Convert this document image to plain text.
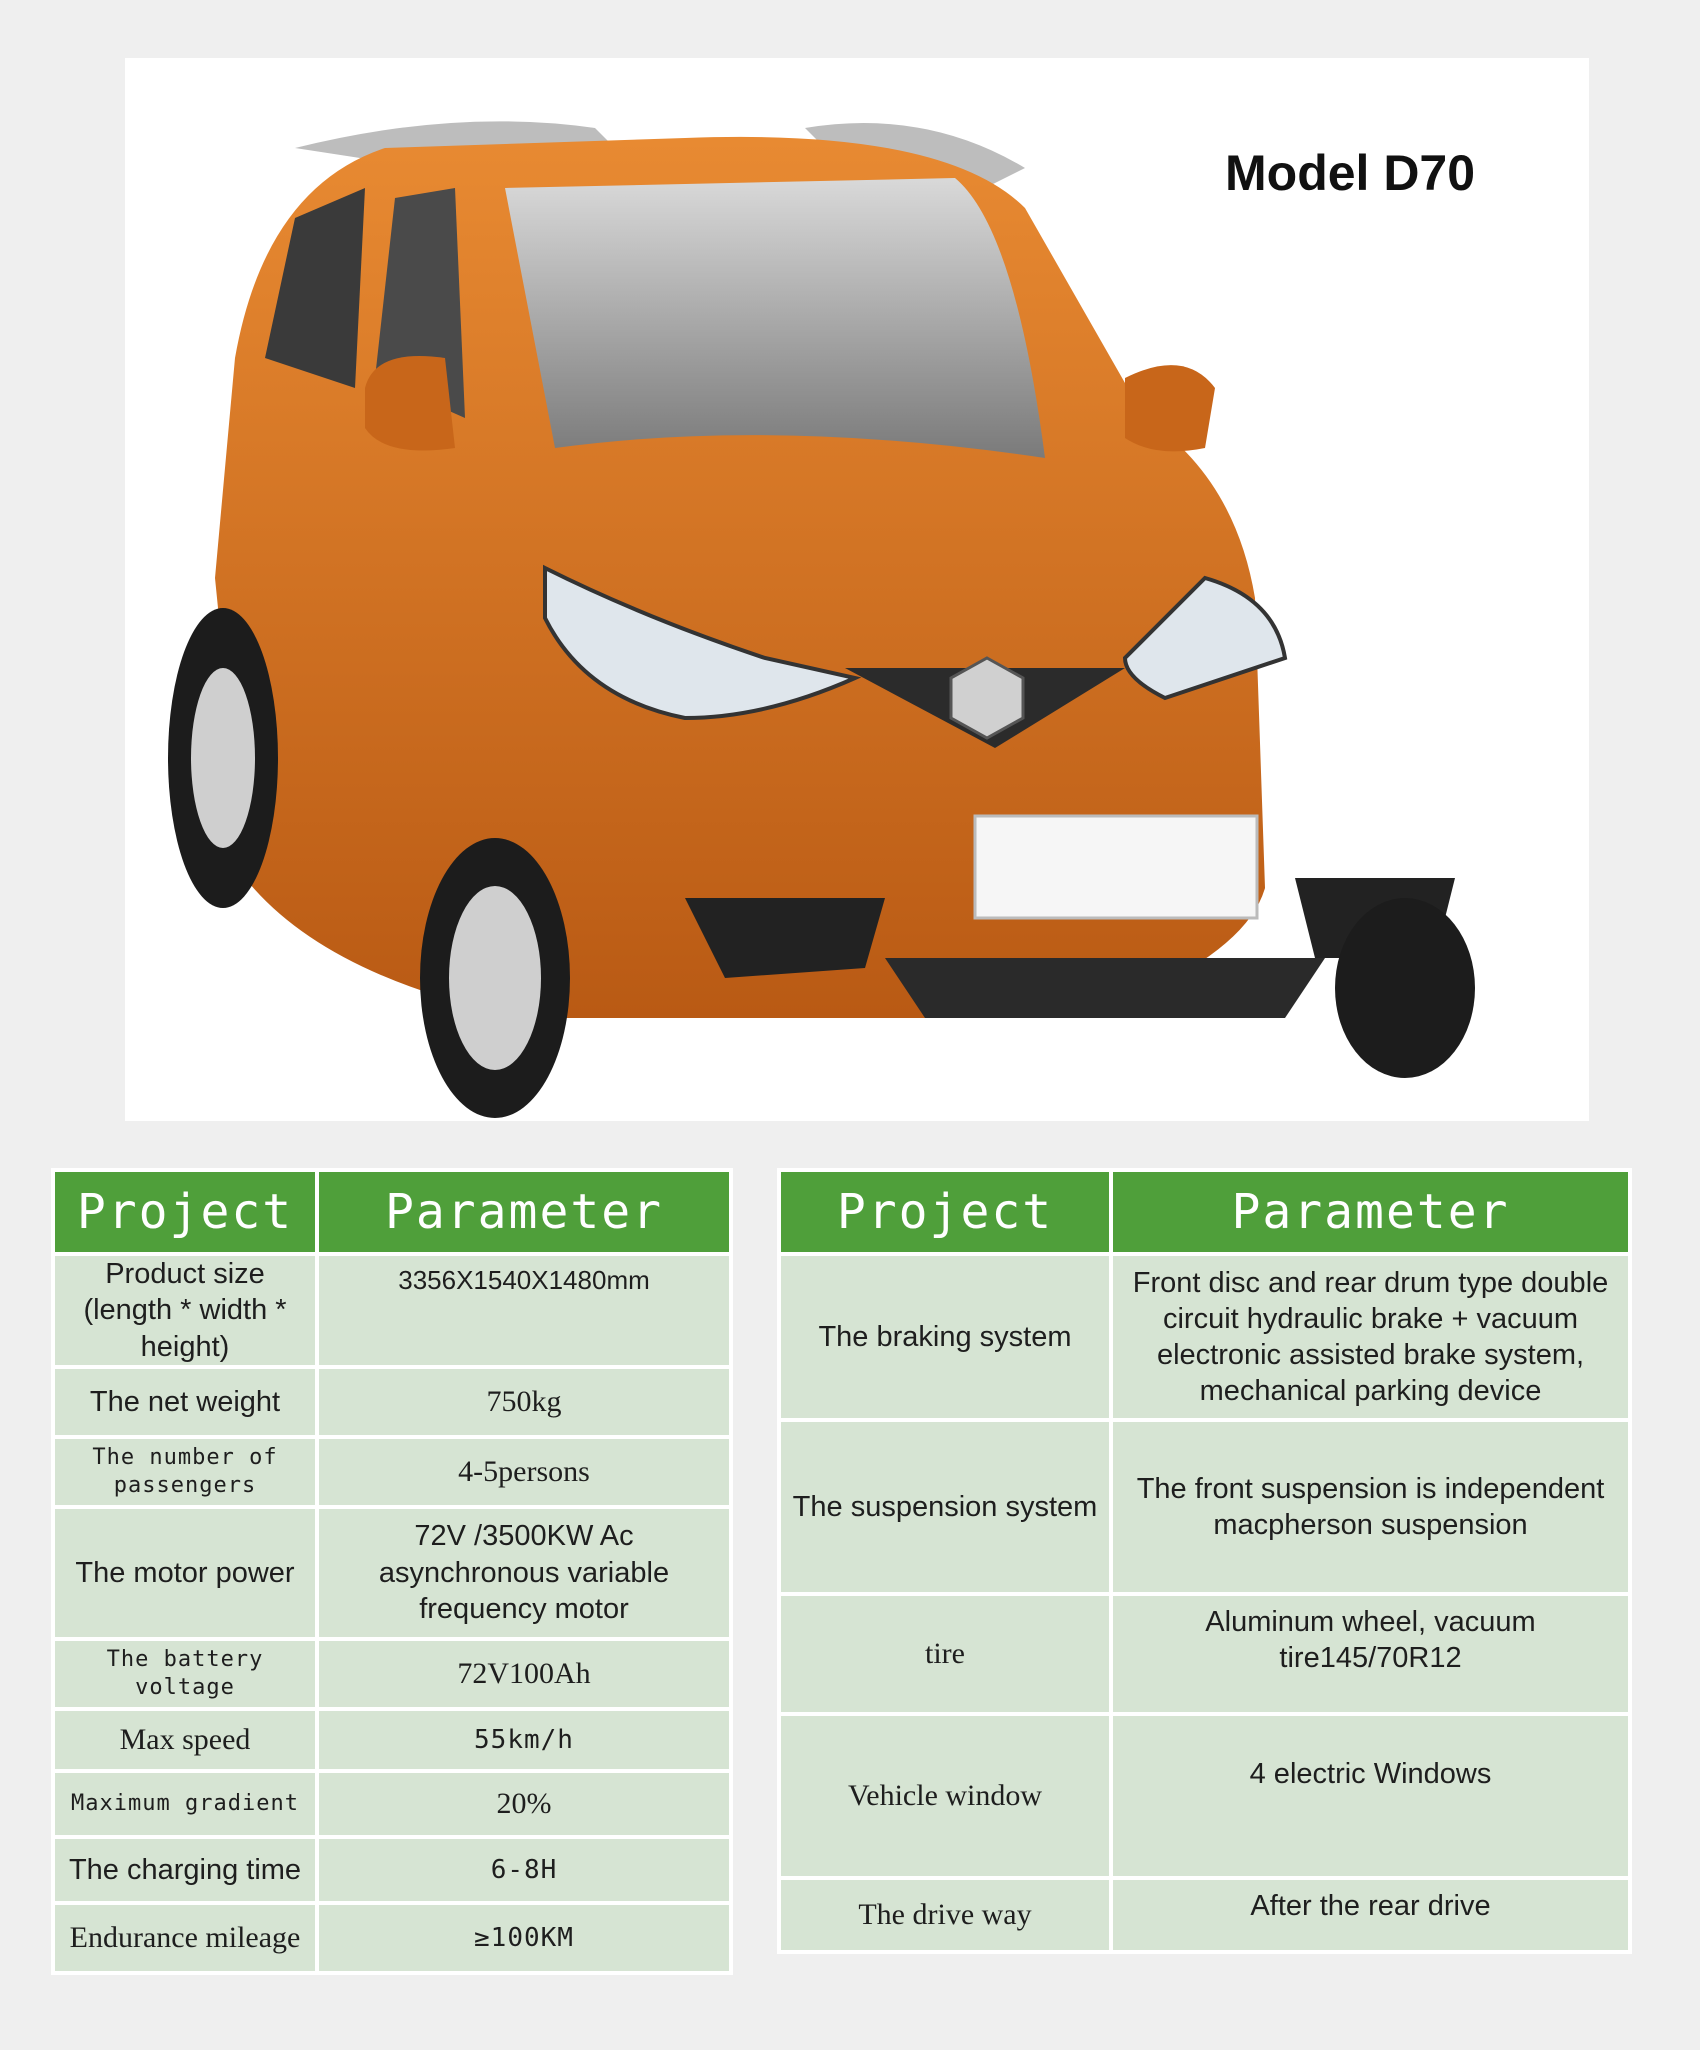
Model D70
Project	Parameter
Product size (length * width * height)	3356X1540X1480mm
The net weight	750kg
The number of passengers	4-5persons
The motor power	72V /3500KW Ac asynchronous variable frequency motor
The battery voltage	72V100Ah
Max speed	55km/h
Maximum gradient	20%
The charging time	6-8H
Endurance mileage	≥100KM
Project	Parameter
The braking system	Front disc and rear drum type double circuit hydraulic brake + vacuum electronic assisted brake system, mechanical parking device
The suspension system	The front suspension is independent macpherson suspension
tire	Aluminum wheel, vacuum tire145/70R12
Vehicle window	4 electric Windows
The drive way	After the rear drive
